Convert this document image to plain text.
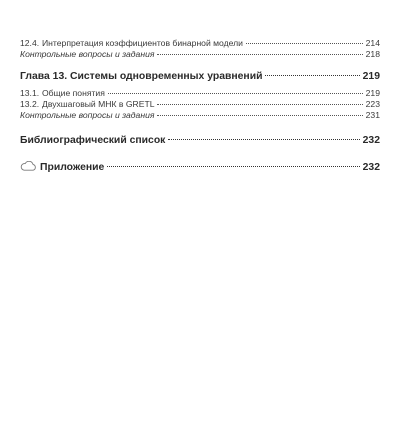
12.4. Интерпретация коэффициентов бинарной модели	214
Контрольные вопросы и задания	218
Глава 13. Системы одновременных уравнений	219
13.1. Общие понятия	219
13.2. Двухшаговый МНК в GRETL	223
Контрольные вопросы и задания	231
Библиографический список	232
Приложение	232
